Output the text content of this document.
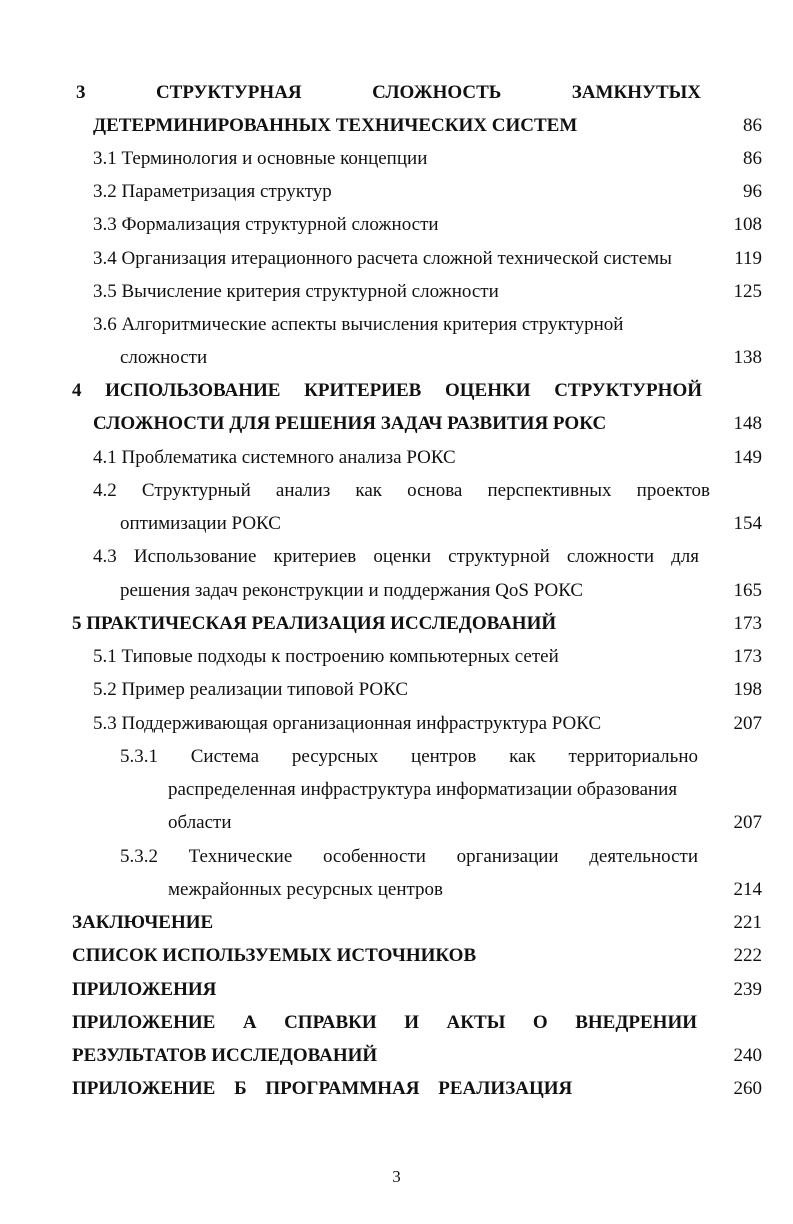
3 СТРУКТУРНАЯ СЛОЖНОСТЬ ЗАМКНУТЫХ
ДЕТЕРМИНИРОВАННЫХ ТЕХНИЧЕСКИХ СИСТЕМ	86
3.1 Терминология и основные концепции	86
3.2 Параметризация структур	96
3.3 Формализация структурной сложности	108
3.4 Организация итерационного расчета сложной технической системы	119
3.5 Вычисление критерия структурной сложности	125
3.6 Алгоритмические аспекты вычисления критерия структурной
сложности	138
4 ИСПОЛЬЗОВАНИЕ КРИТЕРИЕВ ОЦЕНКИ СТРУКТУРНОЙ
СЛОЖНОСТИ ДЛЯ РЕШЕНИЯ ЗАДАЧ РАЗВИТИЯ РОКС	148
4.1 Проблематика системного анализа РОКС	149
4.2 Структурный анализ как основа перспективных проектов
оптимизации РОКС	154
4.3 Использование критериев оценки структурной сложности для
решения задач реконструкции и поддержания QoS РОКС	165
5 ПРАКТИЧЕСКАЯ РЕАЛИЗАЦИЯ ИССЛЕДОВАНИЙ	173
5.1 Типовые подходы к построению компьютерных сетей	173
5.2 Пример реализации типовой РОКС	198
5.3 Поддерживающая организационная инфраструктура РОКС	207
5.3.1 Система ресурсных центров как территориально
распределенная инфраструктура информатизации образования
области	207
5.3.2 Технические особенности организации деятельности
межрайонных ресурсных центров	214
ЗАКЛЮЧЕНИЕ	221
СПИСОК ИСПОЛЬЗУЕМЫХ ИСТОЧНИКОВ	222
ПРИЛОЖЕНИЯ	239
ПРИЛОЖЕНИЕ А СПРАВКИ И АКТЫ О ВНЕДРЕНИИ
РЕЗУЛЬТАТОВ ИССЛЕДОВАНИЙ	240
ПРИЛОЖЕНИЕ Б ПРОГРАММНАЯ РЕАЛИЗАЦИЯ	260
3
